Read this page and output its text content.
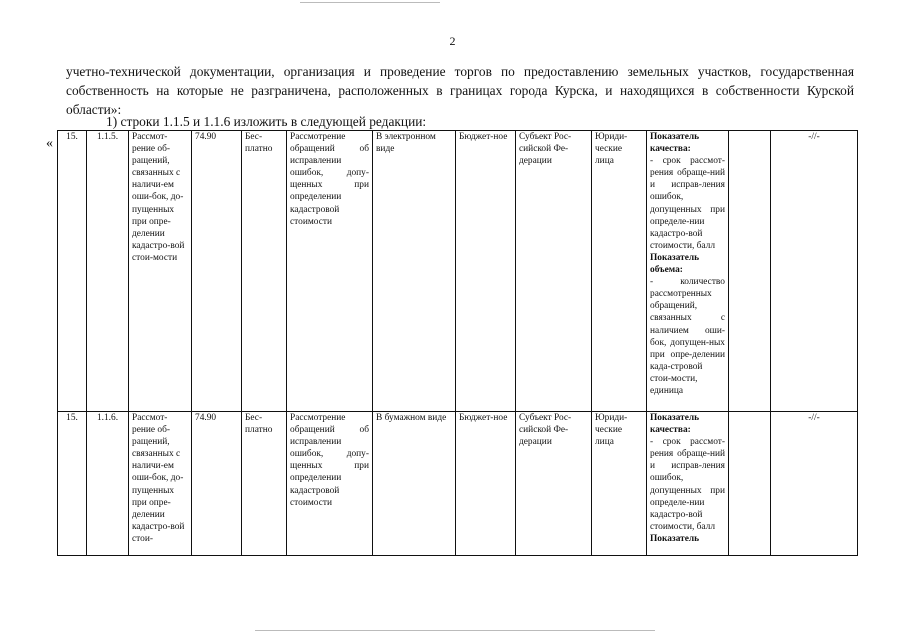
2
учетно-технической документации, организация и проведение торгов по предоставлению земельных участков, государственная собственность на которые не разграничена, расположенных в границах города Курска, и находящихся в собственности Курской области»:
1) строки 1.1.5 и 1.1.6 изложить в следующей редакции:
« 15.	1.1.5.	Рассмот-рение об-ращений, связанных с наличи-ем оши-бок, до-пущенных при опре-делении кадастро-вой стои-мости	74.90	Бес-платно	Рассмотрение обращений об исправлении ошибок, допу-щенных при определении кадастровой стоимости	В электронном виде	Бюджет-ное	Субъект Рос-сийской Фе-дерации	Юриди-ческие лица	Показатель качества:
- срок рассмот-рения обраще-ний и исправ-ления ошибок, допущенных при определе-нии кадастро-вой стоимости, балл
Показатель объема:
- количество рассмотренных обращений, связанных с наличием оши-бок, допущен-ных при опре-делении када-стровой стои-мости, единица		-//-
15.	1.1.6.	Рассмот-рение об-ращений, связанных с наличи-ем оши-бок, до-пущенных при опре-делении кадастро-вой стои-	74.90	Бес-платно	Рассмотрение обращений об исправлении ошибок, допу-щенных при определении кадастровой стоимости	В бумажном виде	Бюджет-ное	Субъект Рос-сийской Фе-дерации	Юриди-ческие лица	Показатель качества:
- срок рассмот-рения обраще-ний и исправ-ления ошибок, допущенных при определе-нии кадастро-вой стоимости, балл
Показатель		-//-
